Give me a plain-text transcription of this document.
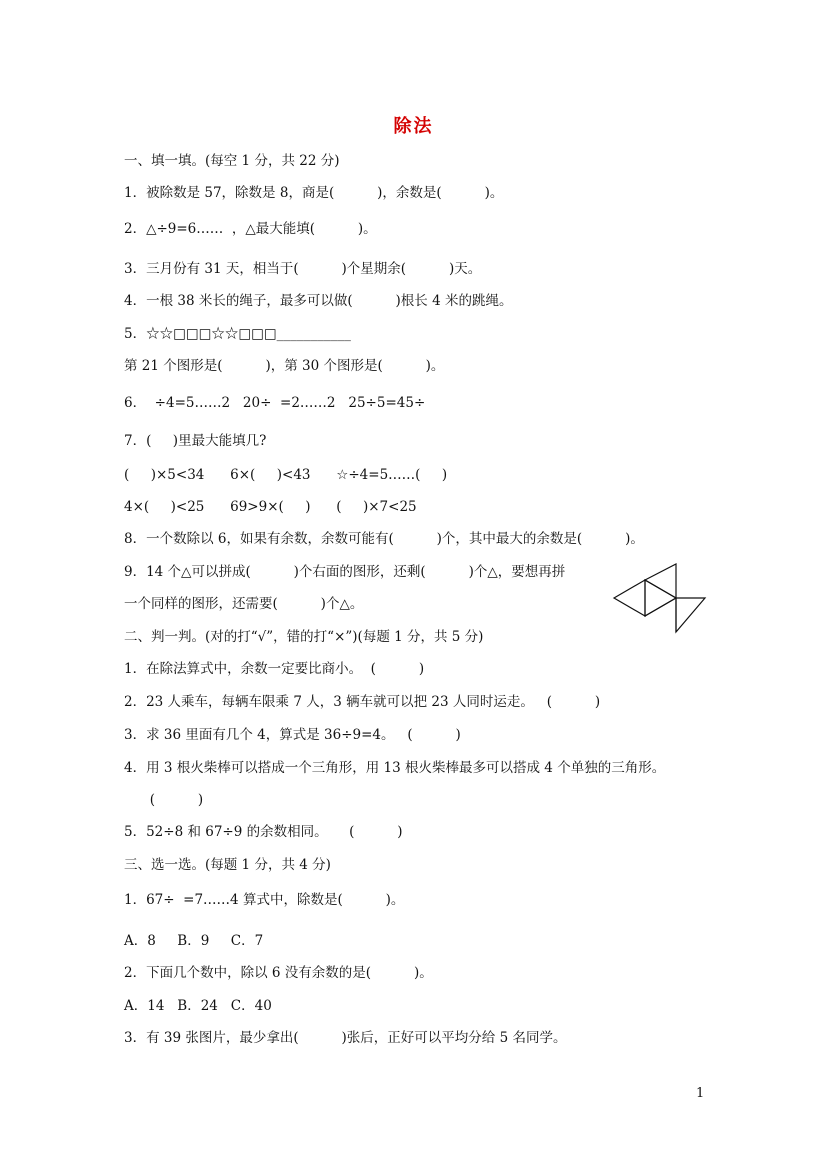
除法
一、填一填。(每空 1 分，共 22 分)
1．被除数是 57，除数是 8，商是(          )，余数是(          )。
2．△÷9=6……  ，△最大能填(          )。
3．三月份有 31 天，相当于(          )个星期余(          )天。
4．一根 38 米长的绳子，最多可以做(          )根长 4 米的跳绳。
5．☆☆□□□☆☆□□□___________
第 21 个图形是(          )，第 30 个图形是(          )。
6．  ÷4=5……2   20÷  =2……2   25÷5=45÷
7．(     )里最大能填几?
(     )×5<34      6×(     )<43      ☆÷4=5……(     )
4×(     )<25      69>9×(     )      (     )×7<25
8．一个数除以 6，如果有余数，余数可能有(          )个，其中最大的余数是(          )。
9．14 个△可以拼成(          )个右面的图形，还剩(          )个△，要想再拼
一个同样的图形，还需要(          )个△。
二、判一判。(对的打“√”，错的打“×”)(每题 1 分，共 5 分)
1．在除法算式中，余数一定要比商小。  (          )
2．23 人乘车，每辆车限乘 7 人，3 辆车就可以把 23 人同时运走。   (          )
3．求 36 里面有几个 4，算式是 36÷9=4。   (          )
4．用 3 根火柴棒可以搭成一个三角形，用 13 根火柴棒最多可以搭成 4 个单独的三角形。
(          )
5．52÷8 和 67÷9 的余数相同。     (          )
三、选一选。(每题 1 分，共 4 分)
1．67÷  =7……4 算式中，除数是(          )。
A．8     B．9     C．7
2．下面几个数中，除以 6 没有余数的是(          )。
A．14   B．24   C．40
3．有 39 张图片，最少拿出(          )张后，正好可以平均分给 5 名同学。
1
